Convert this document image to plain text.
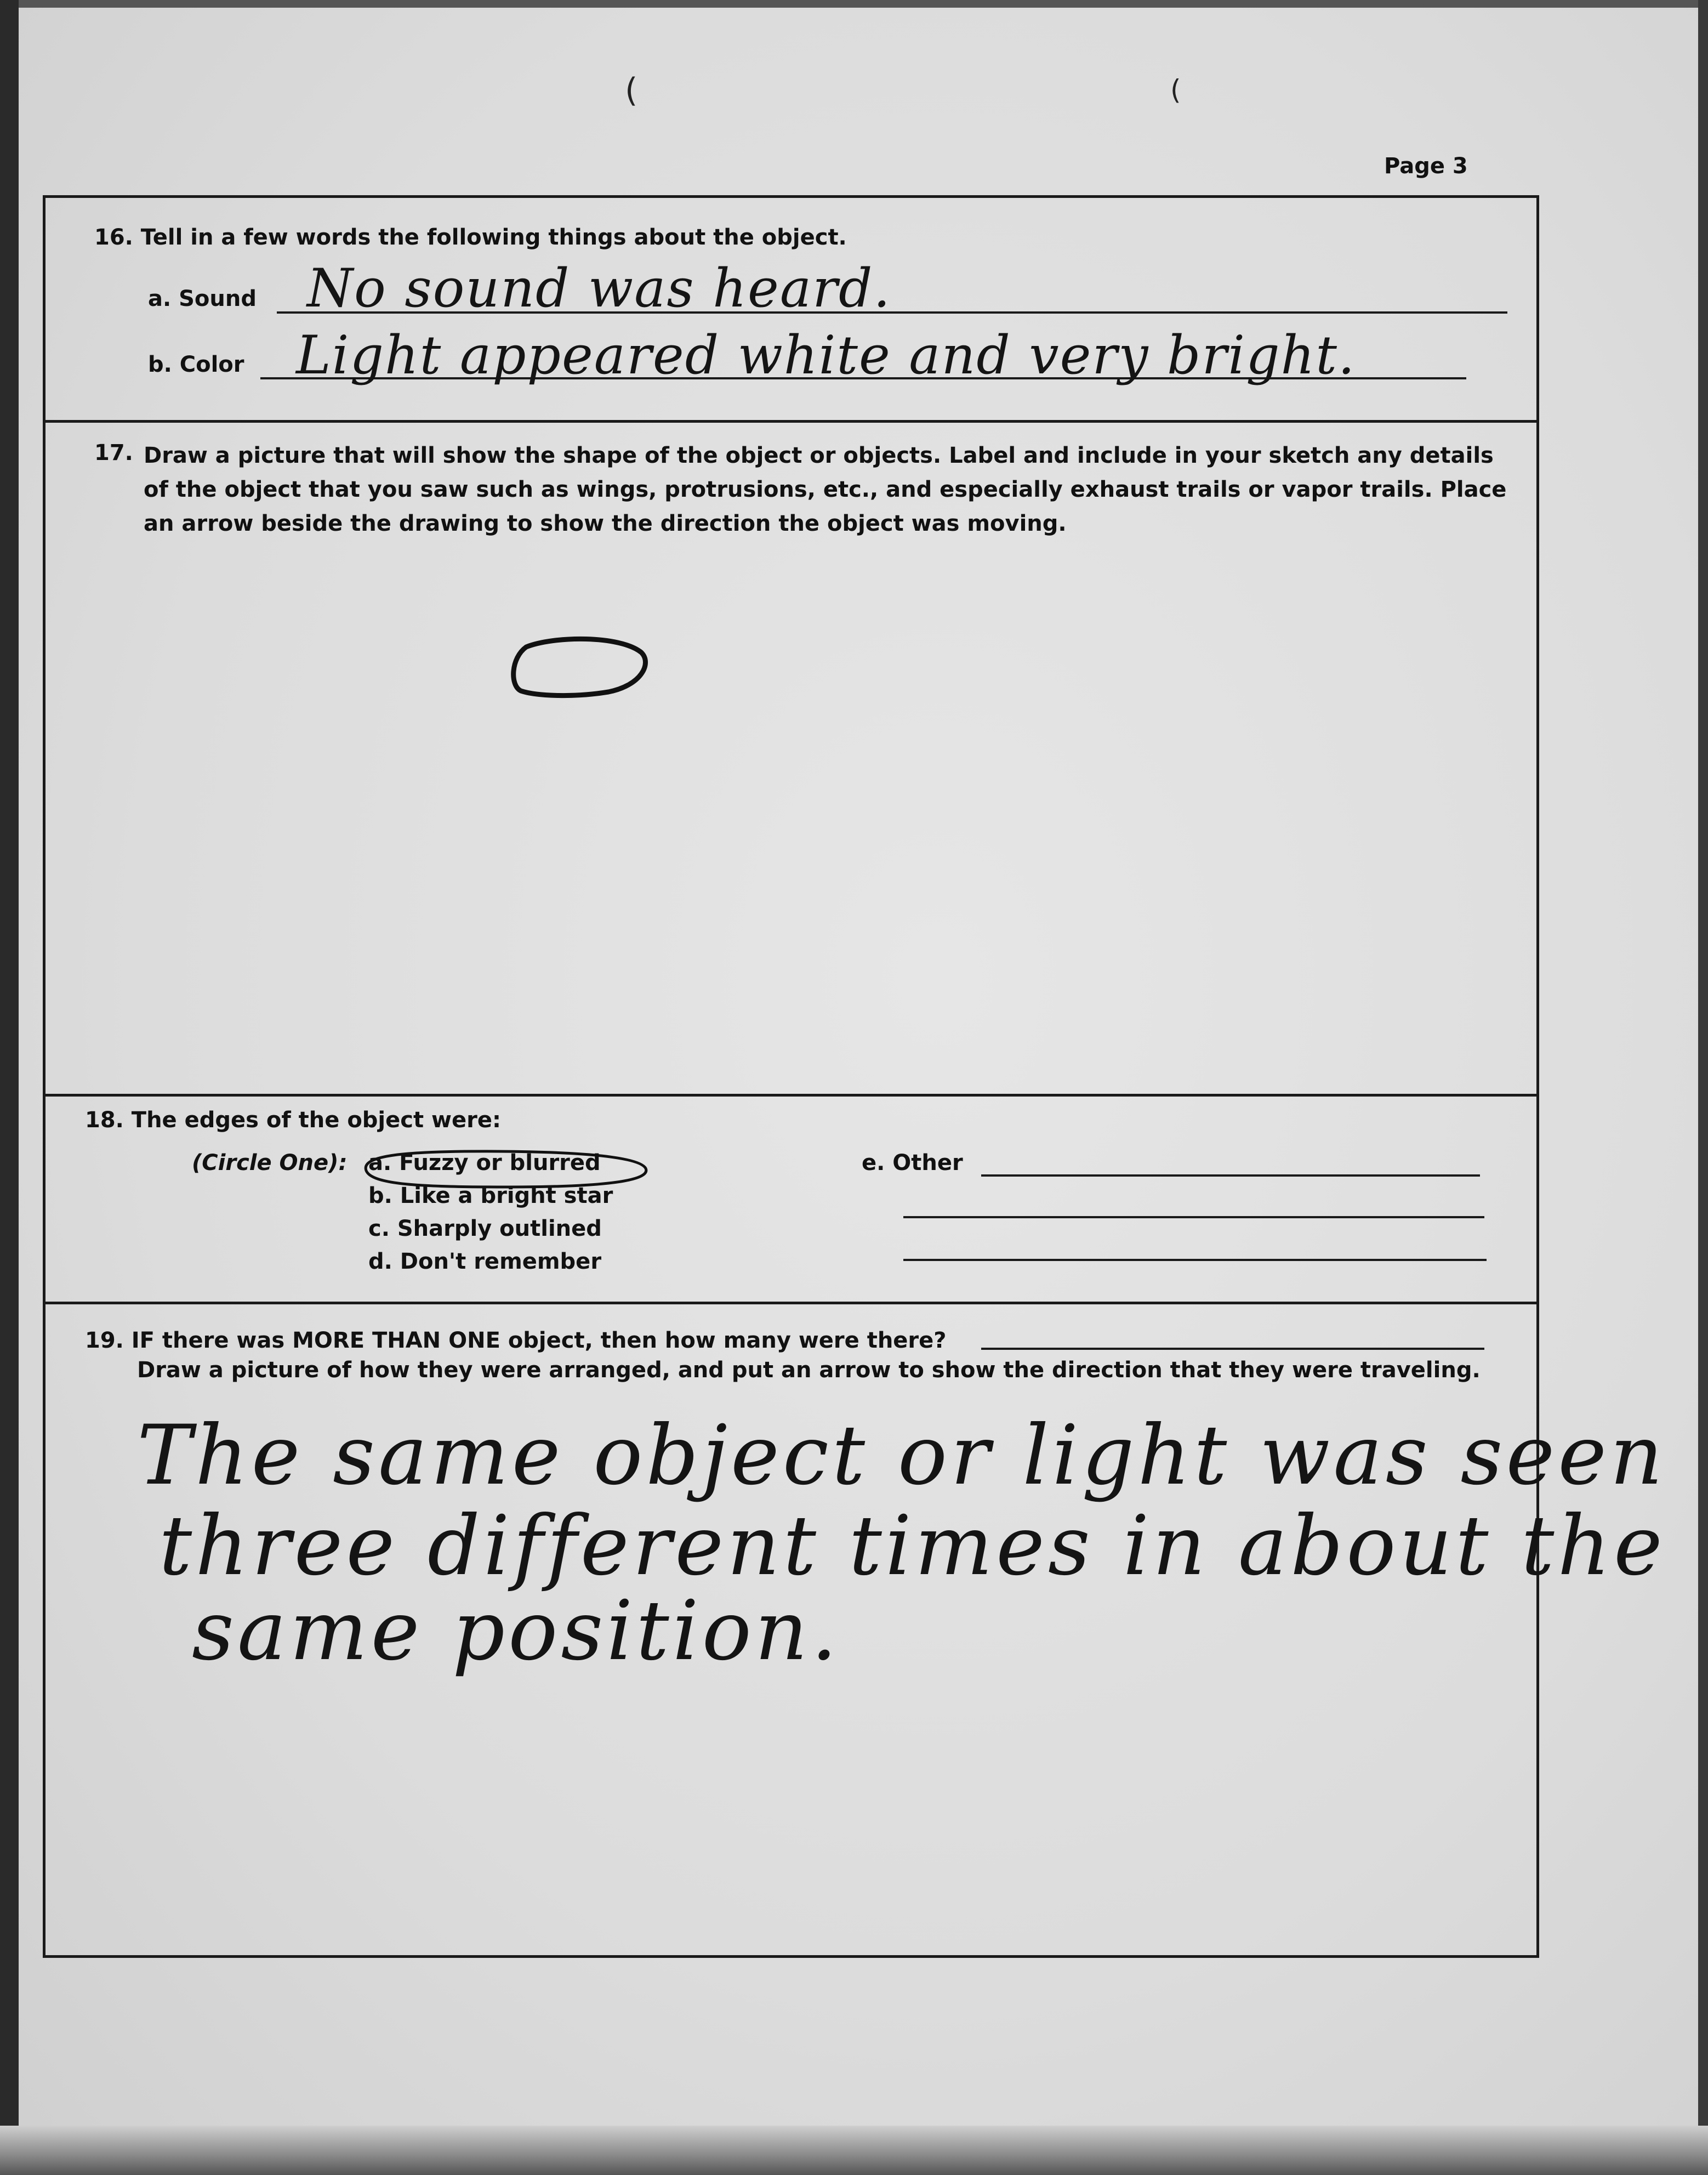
(	(
Page 3
16. Tell in a few words the following things about the object.
a. Sound No sound was heard.
b. Color Light appeared white and very bright.
17. Draw a picture that will show the shape of the object or objects. Label and include in your sketch any details of the object that you saw such as wings, protrusions, etc., and especially exhaust trails or vapor trails. Place an arrow beside the drawing to show the direction the object was moving.
18. The edges of the object were:
(Circle One): a. Fuzzy or blurred
b. Like a bright star
c. Sharply outlined
d. Don't remember
e. Other
19. IF there was MORE THAN ONE object, then how many were there?
Draw a picture of how they were arranged, and put an arrow to show the direction that they were traveling.
The same object or light was seen
three different times in about the
same position.
